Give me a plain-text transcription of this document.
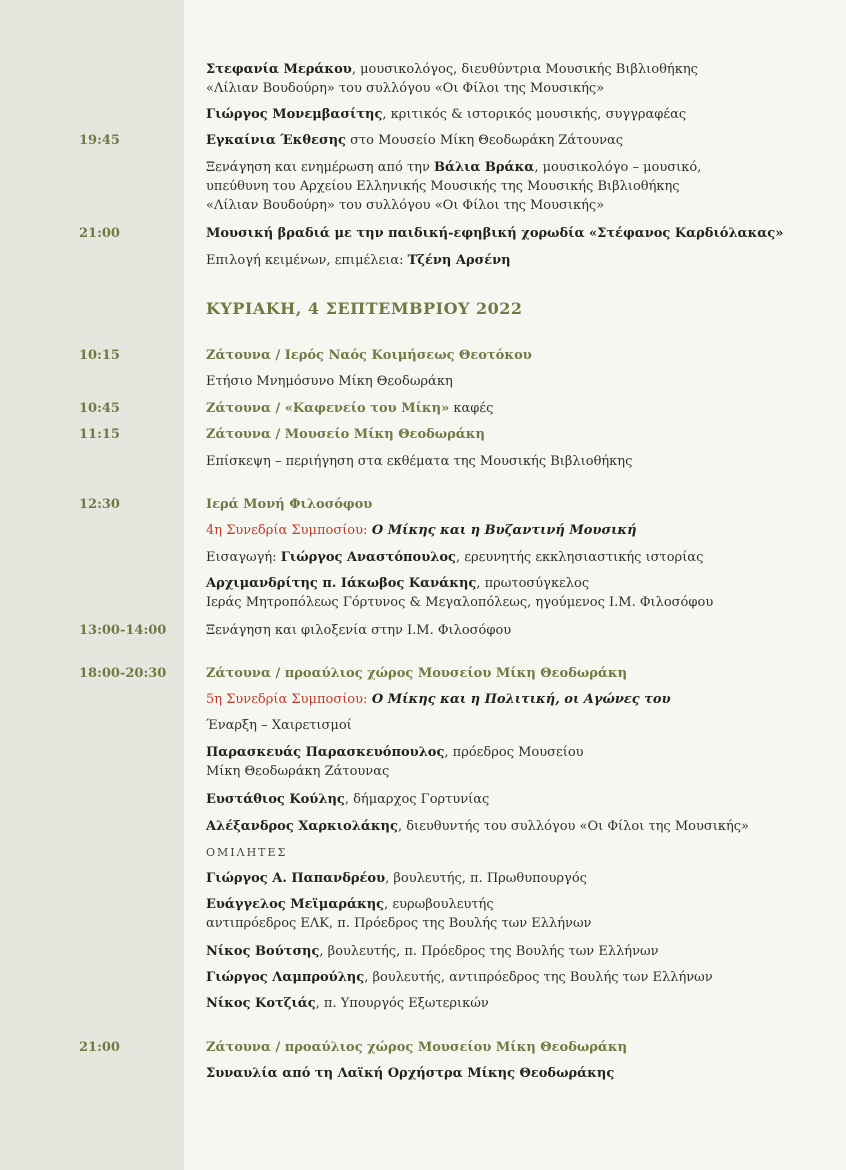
Στεφανία Μεράκου, μουσικολόγος, διευθύντρια Μουσικής Βιβλιοθήκης
«Λίλιαν Βουδούρη» του συλλόγου «Οι Φίλοι της Μουσικής»
Γιώργος Μονεμβασίτης, κριτικός & ιστορικός μουσικής, συγγραφέας
19:45	Εγκαίνια Έκθεσης στο Μουσείο Μίκη Θεοδωράκη Ζάτουνας
Ξενάγηση και ενημέρωση από την Βάλια Βράκα, μουσικολόγο – μουσικό,
υπεύθυνη του Αρχείου Ελληνικής Μουσικής της Μουσικής Βιβλιοθήκης
«Λίλιαν Βουδούρη» του συλλόγου «Οι Φίλοι της Μουσικής»
21:00	Μουσική βραδιά με την παιδική-εφηβική χορωδία «Στέφανος Καρδιόλακας»
Επιλογή κειμένων, επιμέλεια: Τζένη Αρσένη
ΚΥΡΙΑΚΗ, 4 ΣΕΠΤΕΜΒΡΙΟΥ 2022
10:15	Ζάτουνα / Ιερός Ναός Κοιμήσεως Θεοτόκου
Ετήσιο Μνημόσυνο Μίκη Θεοδωράκη
10:45	Ζάτουνα / «Καφενείο του Μίκη» καφές
11:15	Ζάτουνα / Μουσείο Μίκη Θεοδωράκη
Επίσκεψη – περιήγηση στα εκθέματα της Μουσικής Βιβλιοθήκης
12:30	Ιερά Μονή Φιλοσόφου
4η Συνεδρία Συμποσίου: Ο Μίκης και η Βυζαντινή Μουσική
Εισαγωγή: Γιώργος Αναστόπουλος, ερευνητής εκκλησιαστικής ιστορίας
Αρχιμανδρίτης π. Ιάκωβος Κανάκης, πρωτοσύγκελος
Ιεράς Μητροπόλεως Γόρτυνος & Μεγαλοπόλεως, ηγούμενος Ι.Μ. Φιλοσόφου
13:00-14:00	Ξενάγηση και φιλοξενία στην Ι.Μ. Φιλοσόφου
18:00-20:30	Ζάτουνα / προαύλιος χώρος Μουσείου Μίκη Θεοδωράκη
5η Συνεδρία Συμποσίου: Ο Μίκης και η Πολιτική, οι Αγώνες του
Έναρξη – Χαιρετισμοί
Παρασκευάς Παρασκευόπουλος, πρόεδρος Μουσείου
Μίκη Θεοδωράκη Ζάτουνας
Ευστάθιος Κούλης, δήμαρχος Γορτυνίας
Αλέξανδρος Χαρκιολάκης, διευθυντής του συλλόγου «Οι Φίλοι της Μουσικής»
ΟΜΙΛΗΤΕΣ
Γιώργος Α. Παπανδρέου, βουλευτής, π. Πρωθυπουργός
Ευάγγελος Μεϊμαράκης, ευρωβουλευτής
αντιπρόεδρος ΕΛΚ, π. Πρόεδρος της Βουλής των Ελλήνων
Νίκος Βούτσης, βουλευτής, π. Πρόεδρος της Βουλής των Ελλήνων
Γιώργος Λαμπρούλης, βουλευτής, αντιπρόεδρος της Βουλής των Ελλήνων
Νίκος Κοτζιάς, π. Υπουργός Εξωτερικών
21:00	Ζάτουνα / προαύλιος χώρος Μουσείου Μίκη Θεοδωράκη
Συναυλία από τη Λαϊκή Ορχήστρα Μίκης Θεοδωράκης
